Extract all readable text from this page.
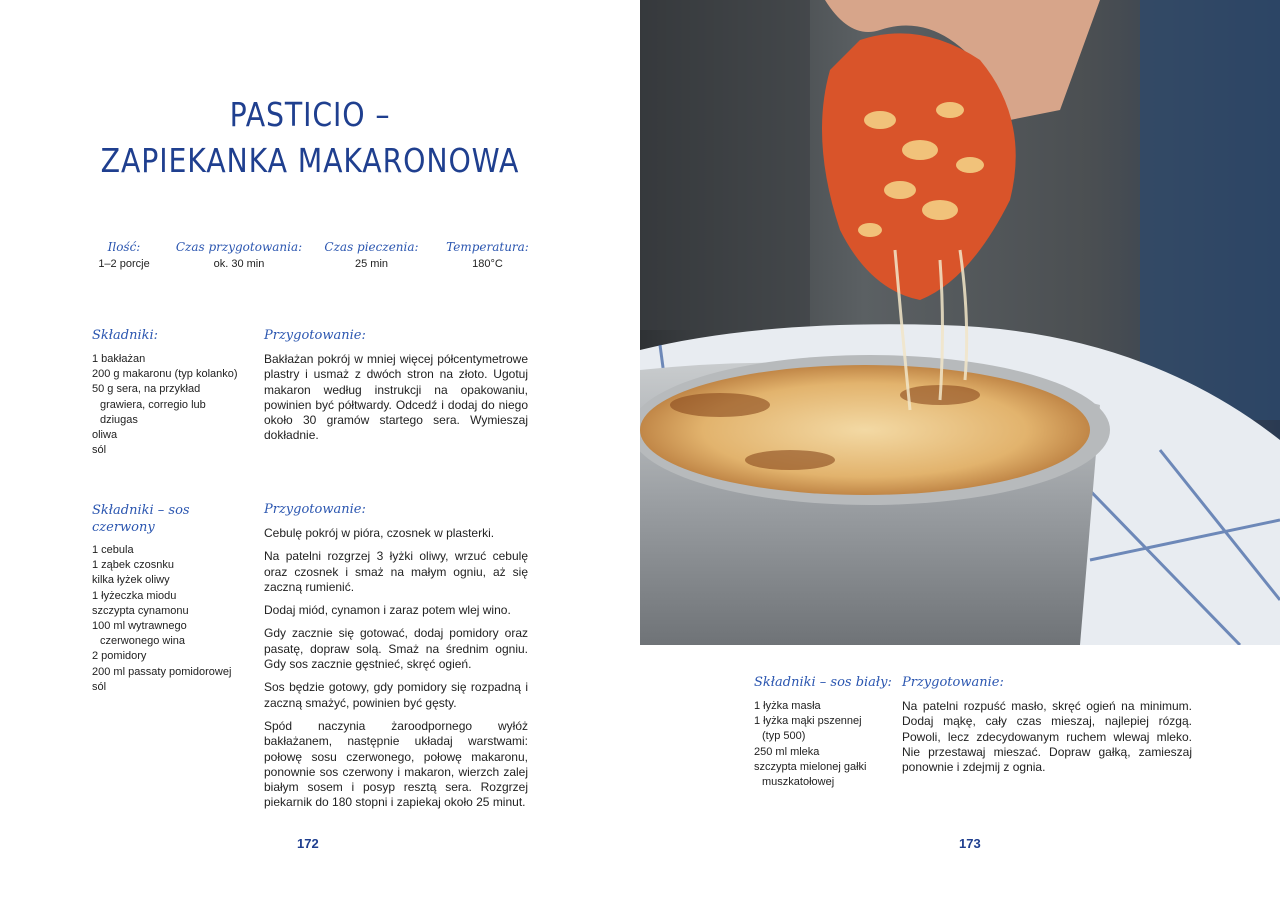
PASTICIO –
ZAPIEKANKA MAKARONOWA
Ilość:
1–2 porcje
Czas przygotowania:
ok. 30 min
Czas pieczenia:
25 min
Temperatura:
180°C
Składniki:
1 bakłażan
200 g makaronu (typ kolanko)
50 g sera, na przykład
grawiera, corregio lub
dziugas
oliwa
sól
Przygotowanie:

Bakłażan pokrój w mniej więcej półcentymetrowe plastry i usmaż z dwóch stron na złoto. Ugotuj makaron według instrukcji na opakowaniu, powinien być półtwardy. Odcedź i dodaj do niego około 30 gramów startego sera. Wymieszaj dokładnie.

Składniki – sos
czerwony
1 cebula
1 ząbek czosnku
kilka łyżek oliwy
1 łyżeczka miodu
szczypta cynamonu
100 ml wytrawnego
czerwonego wina
2 pomidory
200 ml passaty pomidorowej
sól
Przygotowanie:

Cebulę pokrój w pióra, czosnek w plasterki.

Na patelni rozgrzej 3 łyżki oliwy, wrzuć cebulę oraz czosnek i smaż na małym ogniu, aż się zaczną rumienić.

Dodaj miód, cynamon i zaraz potem wlej wino.

Gdy zacznie się gotować, dodaj pomidory oraz pasatę, dopraw solą. Smaż na średnim ogniu. Gdy sos zacznie gęstnieć, skręć ogień.

Sos będzie gotowy, gdy pomidory się rozpadną i zaczną smażyć, powinien być gęsty.

Spód naczynia żaroodpornego wyłóż bakłażanem, następnie układaj warstwami: połowę sosu czerwonego, połowę makaronu, ponownie sos czerwony i makaron, wierzch zalej białym sosem i posyp resztą sera. Rozgrzej piekarnik do 180 stopni i zapiekaj około 25 minut.

172
Składniki – sos biały:
1 łyżka masła
1 łyżka mąki pszennej
(typ 500)
250 ml mleka
szczypta mielonej gałki
muszkatołowej
Przygotowanie:

Na patelni rozpuść masło, skręć ogień na minimum. Dodaj mąkę, cały czas mieszaj, najlepiej rózgą. Powoli, lecz zdecydowanym ruchem wlewaj mleko. Nie przestawaj mieszać. Dopraw gałką, zamieszaj ponownie i zdejmij z ognia.

173
